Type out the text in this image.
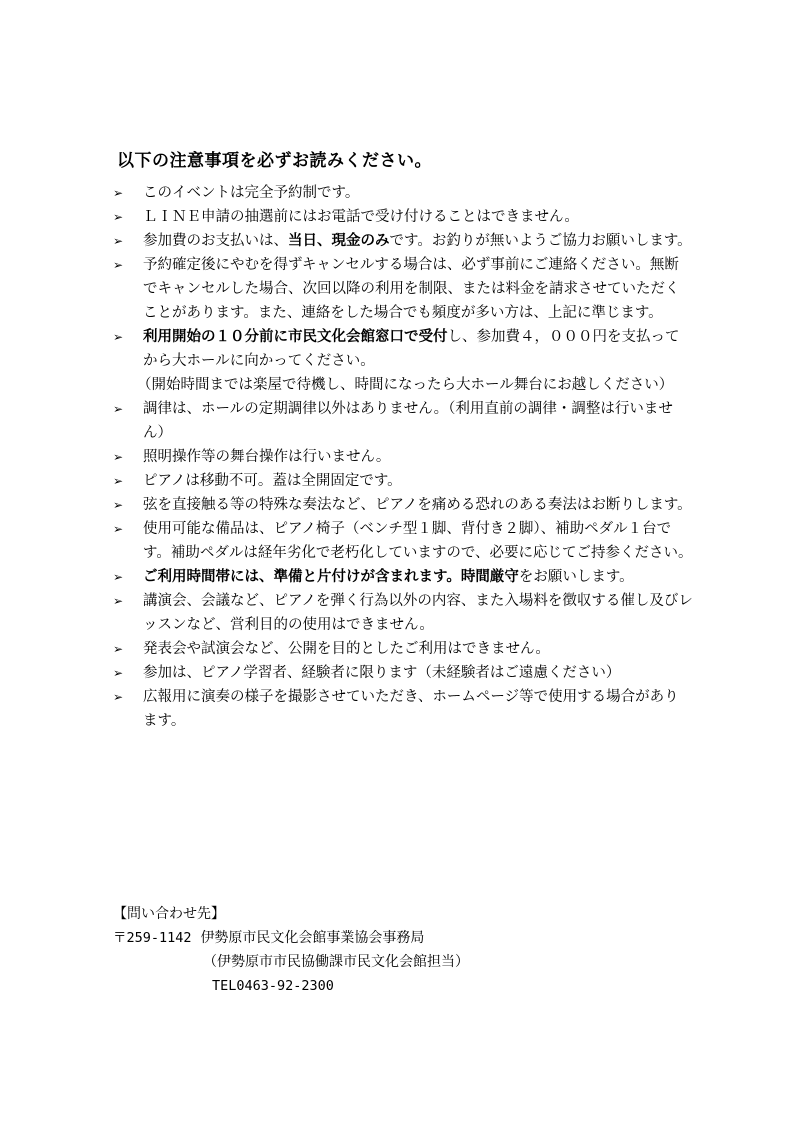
以下の注意事項を必ずお読みください。
➢ このイベントは完全予約制です。
➢ ＬＩＮＥ申請の抽選前にはお電話で受け付けることはできません。
➢ 参加費のお支払いは、当日、現金のみです。お釣りが無いようご協力お願いします。
➢ 予約確定後にやむを得ずキャンセルする場合は、必ず事前にご連絡ください。無断でキャンセルした場合、次回以降の利用を制限、または料金を請求させていただくことがあります。また、連絡をした場合でも頻度が多い方は、上記に準じます。
➢ 利用開始の１０分前に市民文化会館窓口で受付し、参加費４，０００円を支払ってから大ホールに向かってください。
（開始時間までは楽屋で待機し、時間になったら大ホール舞台にお越しください）
➢ 調律は、ホールの定期調律以外はありません。（利用直前の調律・調整は行いません）
➢ 照明操作等の舞台操作は行いません。
➢ ピアノは移動不可。蓋は全開固定です。
➢ 弦を直接触る等の特殊な奏法など、ピアノを痛める恐れのある奏法はお断りします。
➢ 使用可能な備品は、ピアノ椅子（ベンチ型１脚、背付き２脚）、補助ペダル１台です。補助ペダルは経年劣化で老朽化していますので、必要に応じてご持参ください。
➢ ご利用時間帯には、準備と片付けが含まれます。時間厳守をお願いします。
➢ 講演会、会議など、ピアノを弾く行為以外の内容、また入場料を徴収する催し及びレッスンなど、営利目的の使用はできません。
➢ 発表会や試演会など、公開を目的としたご利用はできません。
➢ 参加は、ピアノ学習者、経験者に限ります（未経験者はご遠慮ください）
➢ 広報用に演奏の様子を撮影させていただき、ホームページ等で使用する場合があります。
【問い合わせ先】
〒259-1142 伊勢原市民文化会館事業協会事務局
（伊勢原市市民協働課市民文化会館担当）
TEL0463-92-2300
